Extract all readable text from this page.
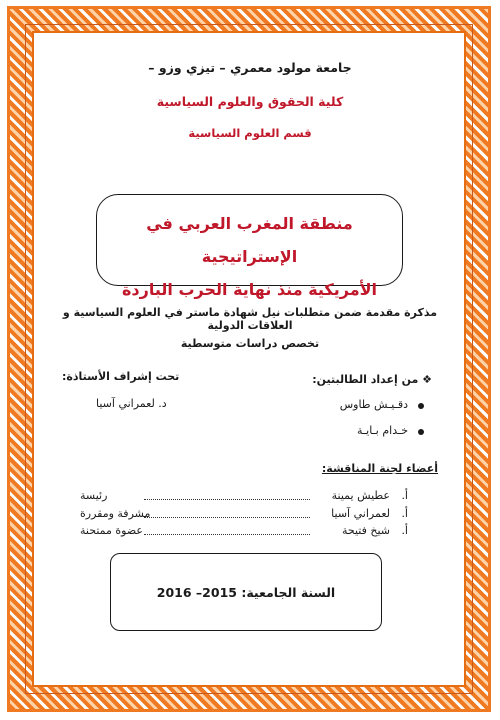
جامعة مولود معمري – تيزي وزو –
كلية الحقوق والعلوم السياسية
قسم العلوم السياسية
منطقة المغرب العربي في الإستراتيجية
الأمريكية منذ نهاية الحرب الباردة
مذكرة مقدمة ضمن متطلبات نيل شهادة ماستر في العلوم السياسية و العلاقات الدولية
تخصص دراسات متوسطية
❖ من إعداد الطالبتين:
دقـيـش طاوس
خـدام بـايـة
تحت إشراف الأستاذة:
د. لعمراني آسيا
أعضاء لجنة المناقشة:
أ.
عطيش يمينة
رئيسة
أ.
لعمراني آسيا
مشرفة ومقررة
أ.
شيخ فتيحة
عضوة ممتحنة
السنة الجامعية: 2015– 2016
